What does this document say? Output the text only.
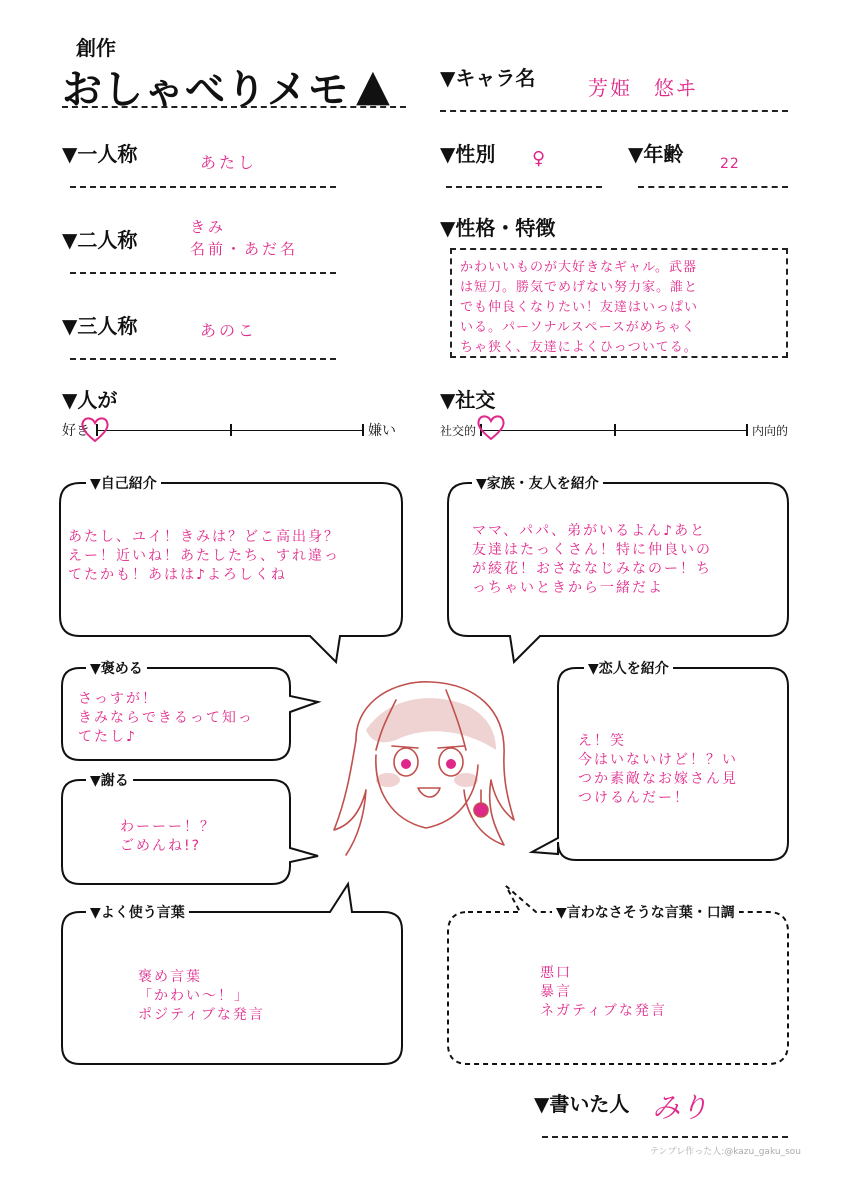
創作
おしゃべりメモ ▲	▼キャラ名	芳姫　悠ヰ
▼一人称	あたし	▼性別 ♀	▼年齢	22
▼二人称
きみ
名前・あだ名
▼性格・特徴
かわいいものが大好きなギャル。武器
は短刀。勝気でめげない努力家。誰と
でも仲良くなりたい！友達はいっぱい
いる。パーソナルスペースがめちゃく
ちゃ狭く、友達によくひっついてる。
▼三人称	あのこ
▼人が
好き	嫌い
▼社交
社交的	内向的
▼自己紹介
あたし、ユイ！きみは？どこ高出身？
えー！近いね！あたしたち、すれ違っ
てたかも！あはは♪よろしくね
▼家族・友人を紹介
ママ、パパ、弟がいるよん♪あと
友達はたっくさん！特に仲良いの
が綾花！おさななじみなのー！ち
っちゃいときから一緒だよ
▼褒める
さっすが！
きみならできるって知っ
てたし♪
▼恋人を紹介
え！笑
今はいないけど！？い
つか素敵なお嫁さん見
つけるんだー！
▼謝る
わーーー！？
ごめんね!?
▼よく使う言葉
褒め言葉
「かわい〜！」
ポジティブな発言
▼言わなさそうな言葉・口調
悪口
暴言
ネガティブな発言
▼書いた人 みり
テンプレ作った人:@kazu_gaku_sou
